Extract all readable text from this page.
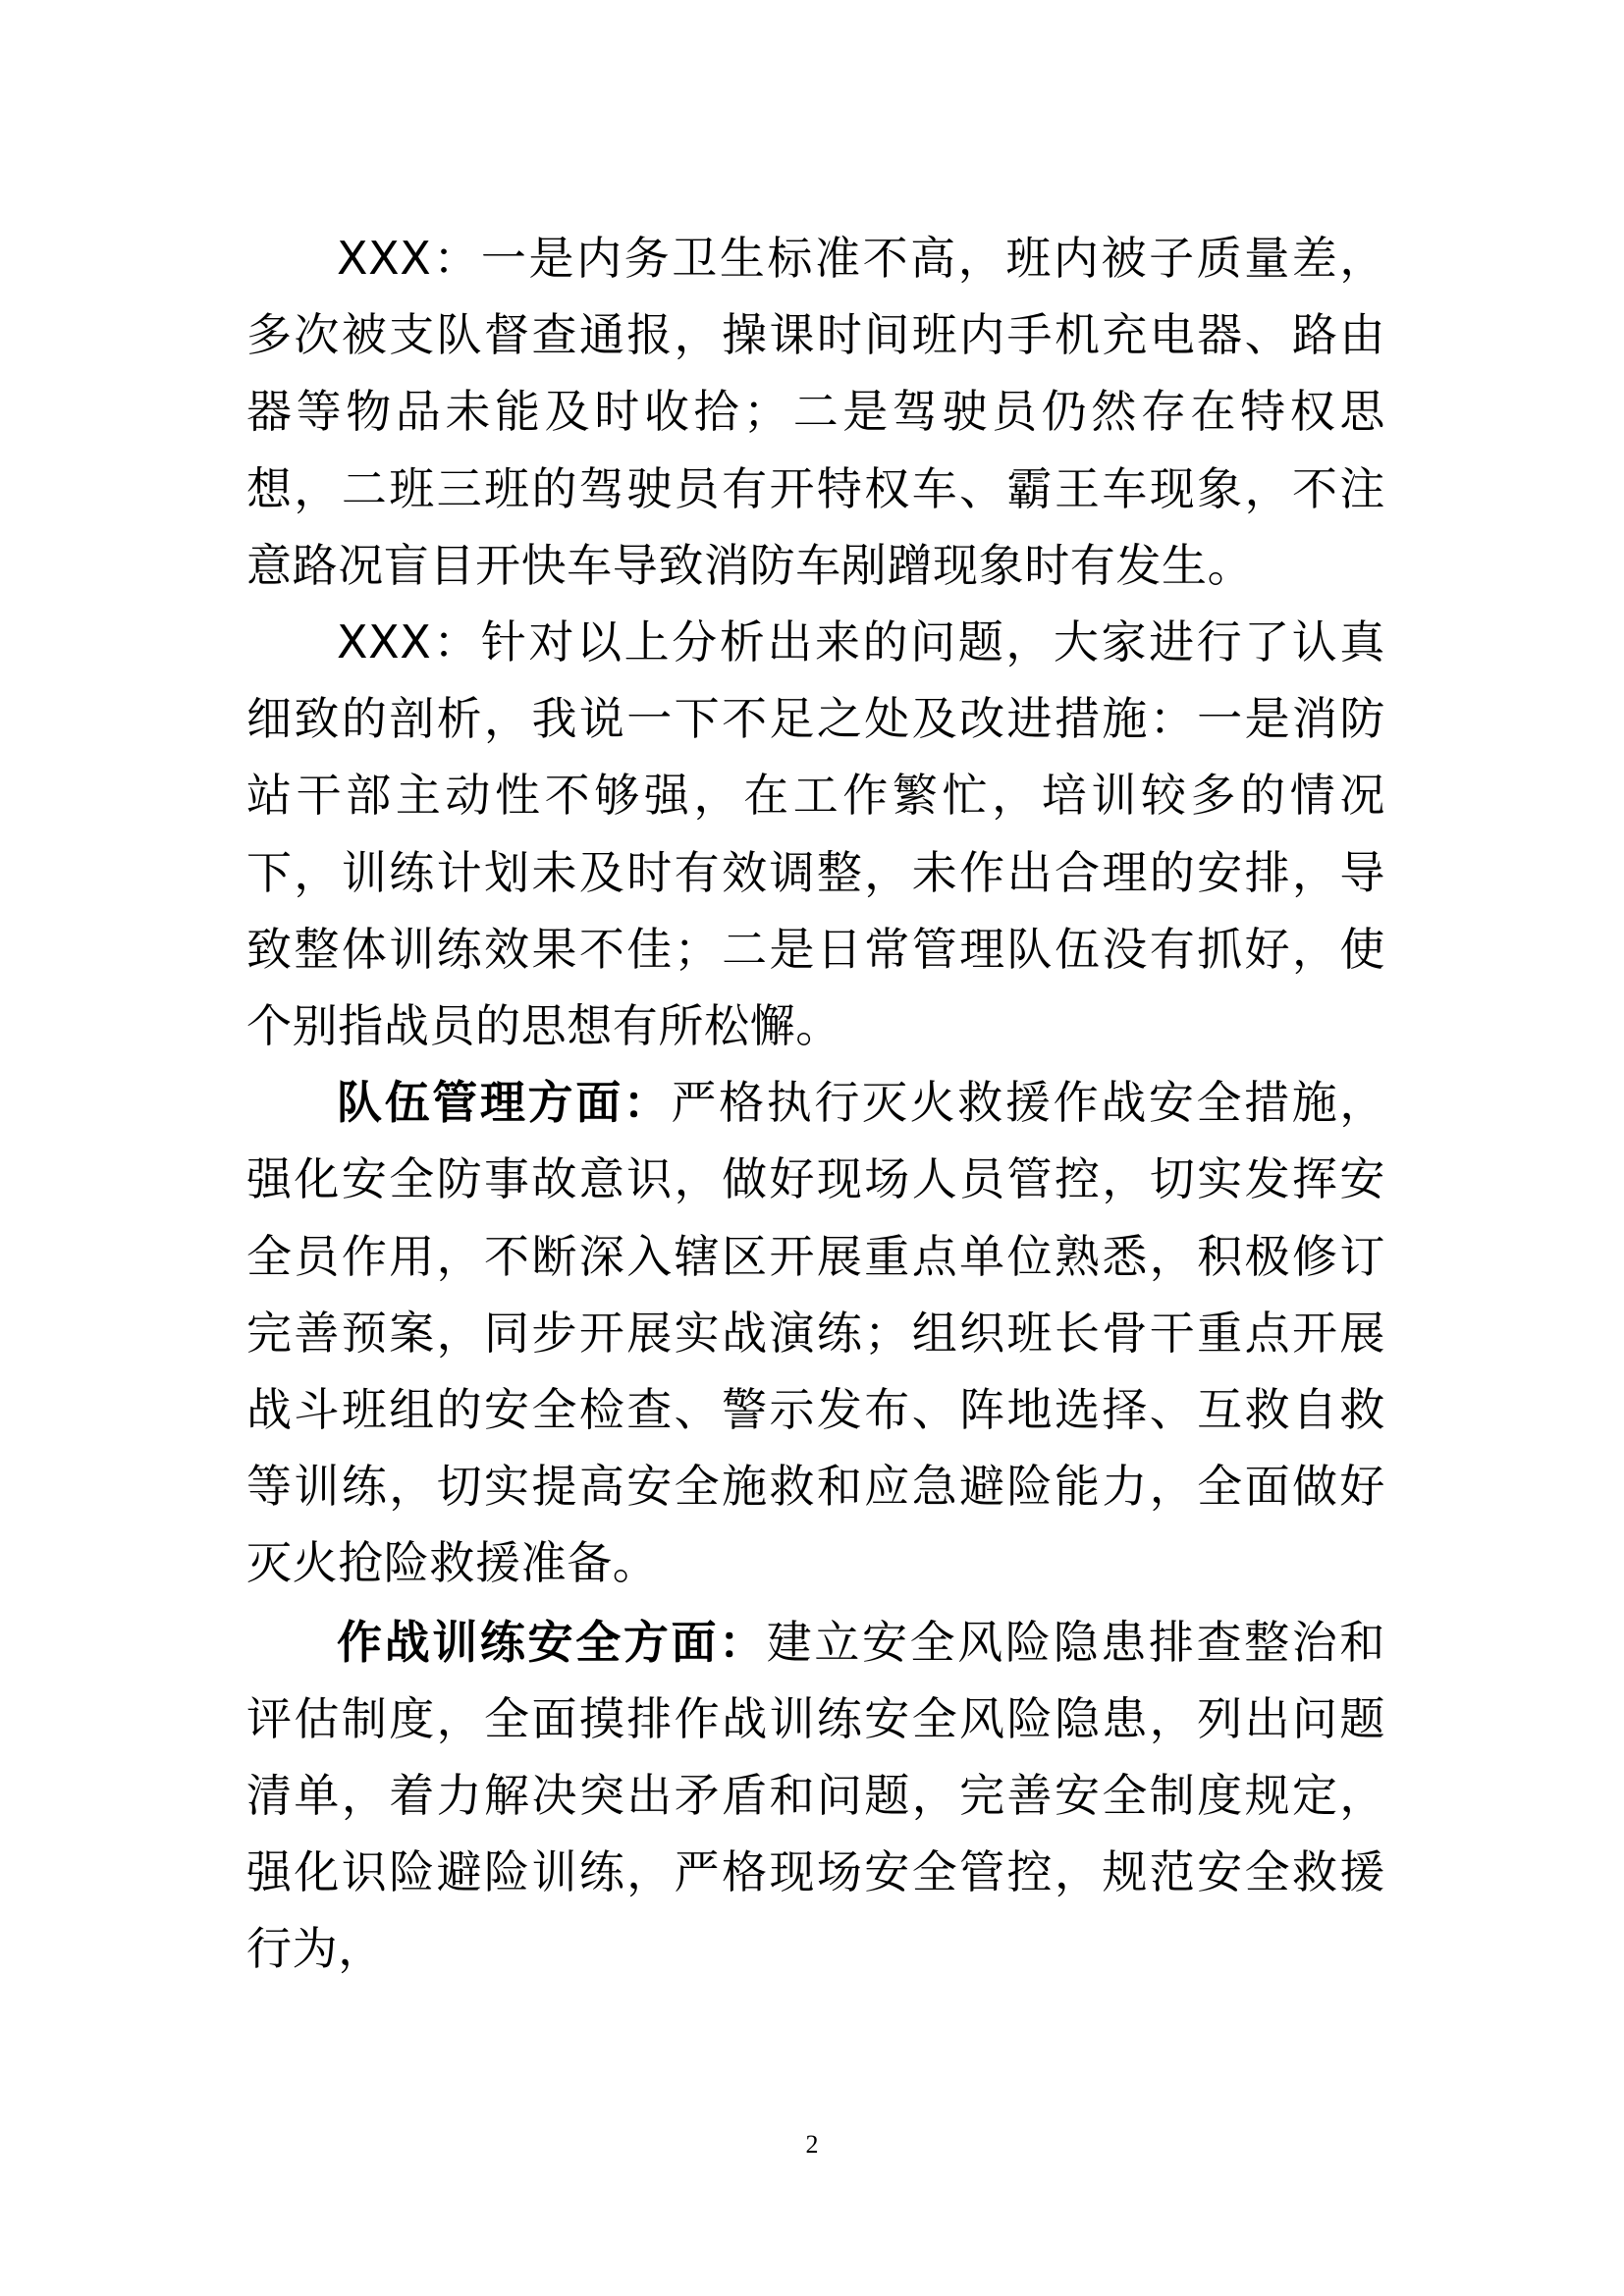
XXX：一是内务卫生标准不高，班内被子质量差，多次被支队督查通报，操课时间班内手机充电器、路由器等物品未能及时收拾；二是驾驶员仍然存在特权思想，二班三班的驾驶员有开特权车、霸王车现象，不注意路况盲目开快车导致消防车剐蹭现象时有发生。

XXX：针对以上分析出来的问题，大家进行了认真细致的剖析，我说一下不足之处及改进措施：一是消防站干部主动性不够强，在工作繁忙，培训较多的情况下，训练计划未及时有效调整，未作出合理的安排，导致整体训练效果不佳；二是日常管理队伍没有抓好，使个别指战员的思想有所松懈。

队伍管理方面：严格执行灭火救援作战安全措施，强化安全防事故意识，做好现场人员管控，切实发挥安全员作用，不断深入辖区开展重点单位熟悉，积极修订完善预案，同步开展实战演练；组织班长骨干重点开展战斗班组的安全检查、警示发布、阵地选择、互救自救等训练，切实提高安全施救和应急避险能力，全面做好灭火抢险救援准备。

作战训练安全方面：建立安全风险隐患排查整治和评估制度，全面摸排作战训练安全风险隐患，列出问题清单，着力解决突出矛盾和问题，完善安全制度规定，强化识险避险训练，严格现场安全管控，规范安全救援行为，

2
